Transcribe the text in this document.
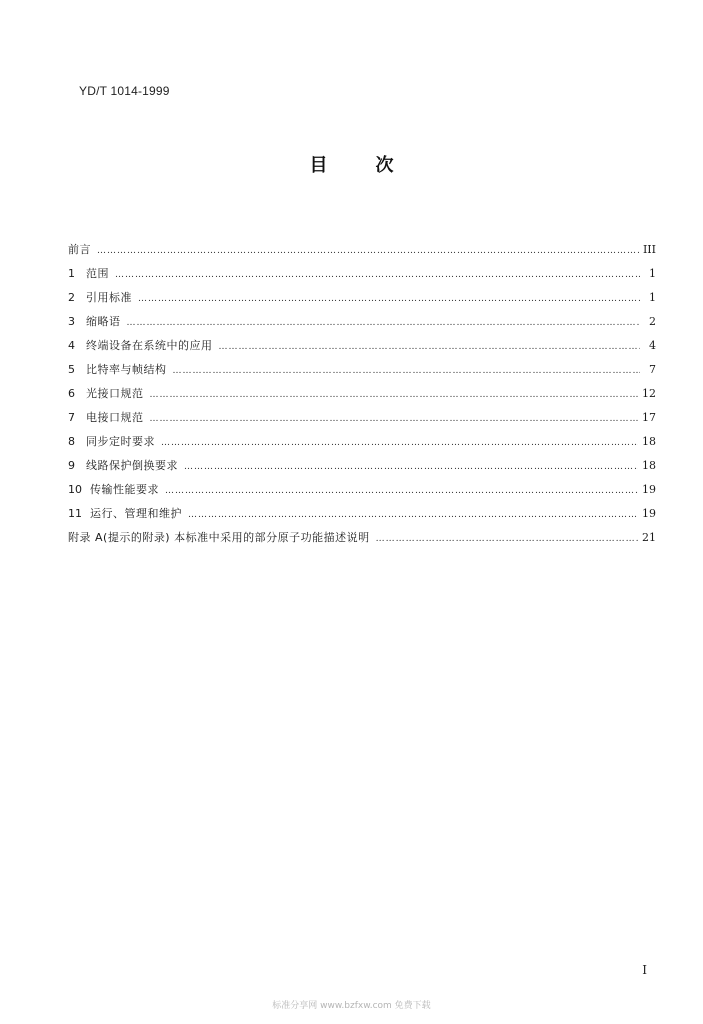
YD/T 1014-1999
目	次
前言 …………………………………………………………………………………………………………………………………………………………………………………………………………………………………………………………	III
1	范围 …………………………………………………………………………………………………………………………………………………………………………………………………………………………………………………………	1
2	引用标准 …………………………………………………………………………………………………………………………………………………………………………………………………………………………………………………………	1
3	缩略语 …………………………………………………………………………………………………………………………………………………………………………………………………………………………………………………………	2
4	终端设备在系统中的应用 …………………………………………………………………………………………………………………………………………………………………………………………………………………………………………………………	4
5	比特率与帧结构 …………………………………………………………………………………………………………………………………………………………………………………………………………………………………………………………	7
6	光接口规范 …………………………………………………………………………………………………………………………………………………………………………………………………………………………………………………………	12
7	电接口规范 …………………………………………………………………………………………………………………………………………………………………………………………………………………………………………………………	17
8	同步定时要求 …………………………………………………………………………………………………………………………………………………………………………………………………………………………………………………………	18
9	线路保护倒换要求 …………………………………………………………………………………………………………………………………………………………………………………………………………………………………………………………	18
10 传输性能要求 …………………………………………………………………………………………………………………………………………………………………………………………………………………………………………………………	19
11 运行、管理和维护 …………………………………………………………………………………………………………………………………………………………………………………………………………………………………………………………	19
附录 A(提示的附录) 本标准中采用的部分原子功能描述说明 …………………………………………………………………………………………………………………………………………………………………………………………………………………………………………………………	21
I
标准分享网 www.bzfxw.com 免费下载
